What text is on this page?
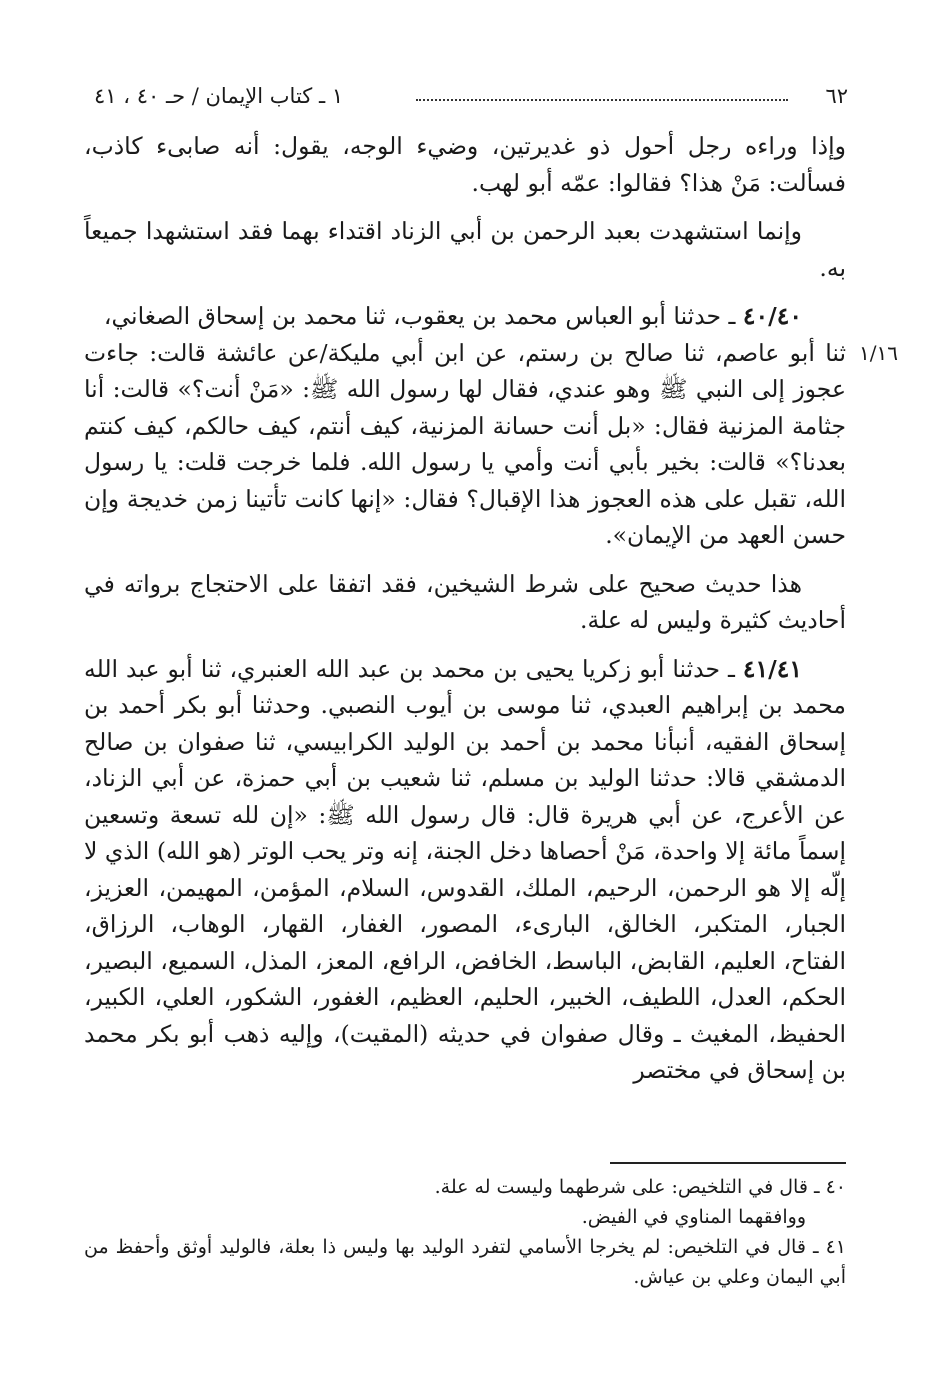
٦٢
١ ـ كتاب الإيمان / حـ ٤٠ ، ٤١

وإذا وراءه رجل أحول ذو غديرتين، وضيء الوجه، يقول: أنه صابىء كاذب، فسألت: مَنْ هذا؟ فقالوا: عمّه أبو لهب.

وإنما استشهدت بعبد الرحمن بن أبي الزناد اقتداء بهما فقد استشهدا جميعاً به.

٤٠/٤٠ ـ حدثنا أبو العباس محمد بن يعقوب، ثنا محمد بن إسحاق الصغاني،

١/١٦

ثنا أبو عاصم، ثنا صالح بن رستم، عن ابن أبي مليكة/عن عائشة قالت: جاءت عجوز إلى النبي ﷺ وهو عندي، فقال لها رسول الله ﷺ: «مَنْ أنت؟» قالت: أنا جثامة المزنية فقال: «بل أنت حسانة المزنية، كيف أنتم، كيف حالكم، كيف كنتم بعدنا؟» قالت: بخير بأبي أنت وأمي يا رسول الله. فلما خرجت قلت: يا رسول الله، تقبل على هذه العجوز هذا الإقبال؟ فقال: «إنها كانت تأتينا زمن خديجة وإن حسن العهد من الإيمان».

هذا حديث صحيح على شرط الشيخين، فقد اتفقا على الاحتجاج برواته في أحاديث كثيرة وليس له علة.

٤١/٤١ ـ حدثنا أبو زكريا يحيى بن محمد بن عبد الله العنبري، ثنا أبو عبد الله محمد بن إبراهيم العبدي، ثنا موسى بن أيوب النصبي. وحدثنا أبو بكر أحمد بن إسحاق الفقيه، أنبأنا محمد بن أحمد بن الوليد الكرابيسي، ثنا صفوان بن صالح الدمشقي قالا: حدثنا الوليد بن مسلم، ثنا شعيب بن أبي حمزة، عن أبي الزناد، عن الأعرج، عن أبي هريرة قال: قال رسول الله ﷺ: «إن لله تسعة وتسعين إسماً مائة إلا واحدة، مَنْ أحصاها دخل الجنة، إنه وتر يحب الوتر (هو الله) الذي لا إلّه إلا هو الرحمن، الرحيم، الملك، القدوس، السلام، المؤمن، المهيمن، العزيز، الجبار، المتكبر، الخالق، البارىء، المصور، الغفار، القهار، الوهاب، الرزاق، الفتاح، العليم، القابض، الباسط، الخافض، الرافع، المعز، المذل، السميع، البصير، الحكم، العدل، اللطيف، الخبير، الحليم، العظيم، الغفور، الشكور، العلي، الكبير، الحفيظ، المغيث ـ وقال صفوان في حديثه (المقيت)، وإليه ذهب أبو بكر محمد بن إسحاق في مختصر

٤٠ ـ قال في التلخيص: على شرطهما وليست له علة.

ووافقهما المناوي في الفيض.

٤١ ـ قال في التلخيص: لم يخرجا الأسامي لتفرد الوليد بها وليس ذا بعلة، فالوليد أوثق وأحفظ من أبي اليمان وعلي بن عياش.
